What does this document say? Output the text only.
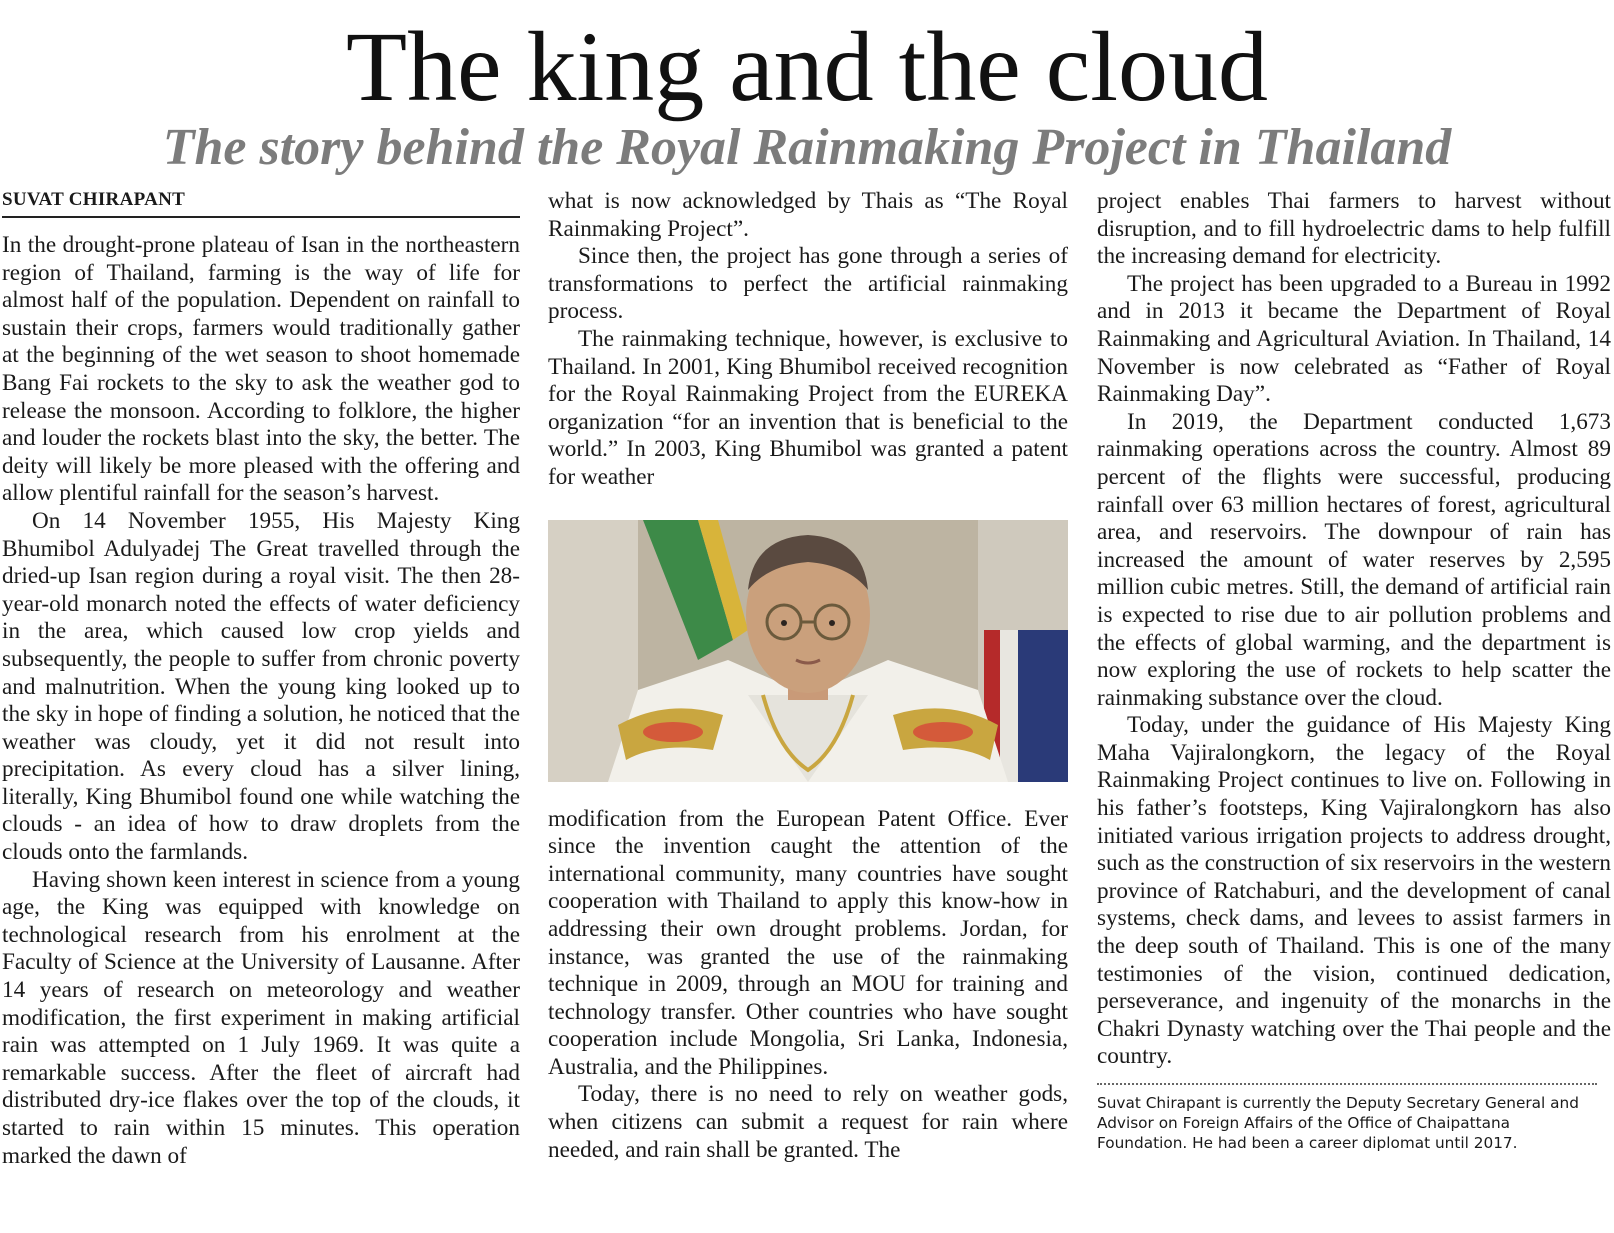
The king and the cloud
The story behind the Royal Rainmaking Project in Thailand
SUVAT CHIRAPANT

In the drought-prone plateau of Isan in the northeastern region of Thailand, farming is the way of life for almost half of the population. Dependent on rainfall to sustain their crops, farmers would traditionally gather at the beginning of the wet season to shoot homemade Bang Fai rockets to the sky to ask the weather god to release the monsoon. According to folklore, the higher and louder the rockets blast into the sky, the better. The deity will likely be more pleased with the offering and allow plentiful rainfall for the season’s harvest.

On 14 November 1955, His Majesty King Bhumibol Adulyadej The Great travelled through the dried-up Isan region during a royal visit. The then 28-year-old monarch noted the effects of water deficiency in the area, which caused low crop yields and subsequently, the people to suffer from chronic poverty and malnutrition. When the young king looked up to the sky in hope of finding a solution, he noticed that the weather was cloudy, yet it did not result into precipitation. As every cloud has a silver lining, literally, King Bhumibol found one while watching the clouds - an idea of how to draw droplets from the clouds onto the farmlands.

Having shown keen interest in science from a young age, the King was equipped with knowledge on technological research from his enrolment at the Faculty of Science at the University of Lausanne. After 14 years of research on meteorology and weather modification, the first experiment in making artificial rain was attempted on 1 July 1969. It was quite a remarkable success. After the fleet of aircraft had distributed dry-ice flakes over the top of the clouds, it started to rain within 15 minutes. This operation marked the dawn of

what is now acknowledged by Thais as “The Royal Rainmaking Project”.

Since then, the project has gone through a series of transformations to perfect the artificial rainmaking process.

The rainmaking technique, however, is exclusive to Thailand. In 2001, King Bhumibol received recognition for the Royal Rainmaking Project from the EUREKA organization “for an invention that is beneficial to the world.” In 2003, King Bhumibol was granted a patent for weather

modification from the European Patent Office. Ever since the invention caught the attention of the international community, many countries have sought cooperation with Thailand to apply this know-how in addressing their own drought problems. Jordan, for instance, was granted the use of the rainmaking technique in 2009, through an MOU for training and technology transfer. Other countries who have sought cooperation include Mongolia, Sri Lanka, Indonesia, Australia, and the Philippines.

Today, there is no need to rely on weather gods, when citizens can submit a request for rain where needed, and rain shall be granted. The

project enables Thai farmers to harvest without disruption, and to fill hydroelectric dams to help fulfill the increasing demand for electricity.

The project has been upgraded to a Bureau in 1992 and in 2013 it became the Department of Royal Rainmaking and Agricultural Aviation. In Thailand, 14 November is now celebrated as “Father of Royal Rainmaking Day”.

In 2019, the Department conducted 1,673 rainmaking operations across the country. Almost 89 percent of the flights were successful, producing rainfall over 63 million hectares of forest, agricultural area, and reservoirs. The downpour of rain has increased the amount of water reserves by 2,595 million cubic metres. Still, the demand of artificial rain is expected to rise due to air pollution problems and the effects of global warming, and the department is now exploring the use of rockets to help scatter the rainmaking substance over the cloud.

Today, under the guidance of His Majesty King Maha Vajiralongkorn, the legacy of the Royal Rainmaking Project continues to live on. Following in his father’s footsteps, King Vajiralongkorn has also initiated various irrigation projects to address drought, such as the construction of six reservoirs in the western province of Ratchaburi, and the development of canal systems, check dams, and levees to assist farmers in the deep south of Thailand. This is one of the many testimonies of the vision, continued dedication, perseverance, and ingenuity of the monarchs in the Chakri Dynasty watching over the Thai people and the country.

Suvat Chirapant is currently the Deputy Secretary General and Advisor on Foreign Affairs of the Office of Chaipattana Foundation. He had been a career diplomat until 2017.
